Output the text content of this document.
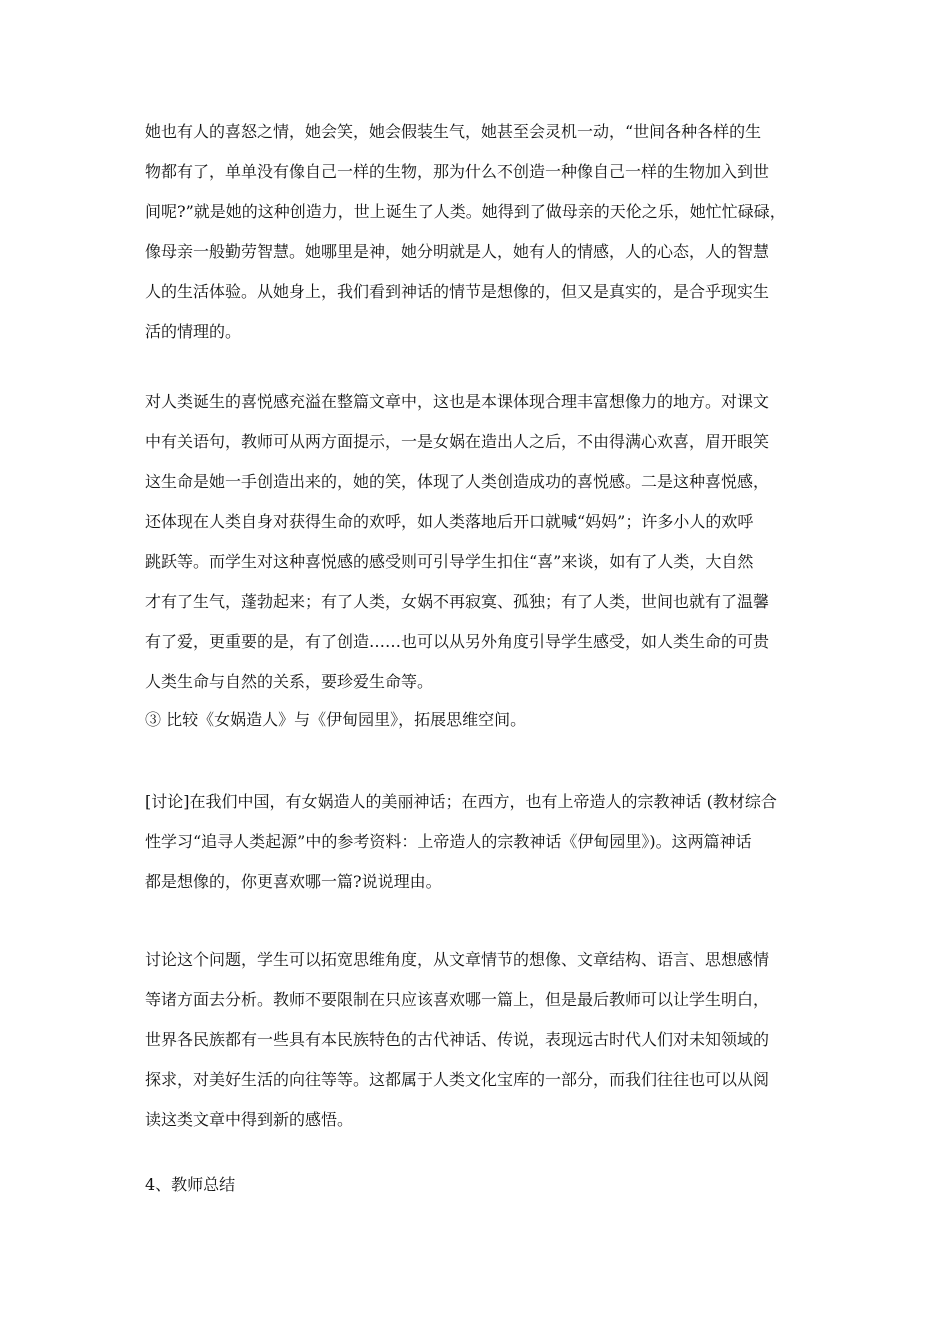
她也有人的喜怒之情，她会笑，她会假装生气，她甚至会灵机一动，“世间各种各样的生
物都有了，单单没有像自己一样的生物，那为什么不创造一种像自己一样的生物加入到世
间呢?”就是她的这种创造力，世上诞生了人类。她得到了做母亲的天伦之乐，她忙忙碌碌，
像母亲一般勤劳智慧。她哪里是神，她分明就是人，她有人的情感，人的心态，人的智慧
人的生活体验。从她身上，我们看到神话的情节是想像的，但又是真实的，是合乎现实生
活的情理的。
对人类诞生的喜悦感充溢在整篇文章中，这也是本课体现合理丰富想像力的地方。对课文
中有关语句，教师可从两方面提示，一是女娲在造出人之后，不由得满心欢喜，眉开眼笑
这生命是她一手创造出来的，她的笑，体现了人类创造成功的喜悦感。二是这种喜悦感，
还体现在人类自身对获得生命的欢呼，如人类落地后开口就喊“妈妈”；许多小人的欢呼
跳跃等。而学生对这种喜悦感的感受则可引导学生扣住“喜”来谈，如有了人类，大自然
才有了生气，蓬勃起来；有了人类，女娲不再寂寞、孤独；有了人类，世间也就有了温馨
有了爱，更重要的是，有了创造……也可以从另外角度引导学生感受，如人类生命的可贵
人类生命与自然的关系，要珍爱生命等。
③ 比较《女娲造人》与《伊甸园里》，拓展思维空间。
[讨论]在我们中国，有女娲造人的美丽神话；在西方，也有上帝造人的宗教神话 (教材综合
性学习“追寻人类起源”中的参考资料：上帝造人的宗教神话《伊甸园里》)。这两篇神话
都是想像的，你更喜欢哪一篇?说说理由。
讨论这个问题，学生可以拓宽思维角度，从文章情节的想像、文章结构、语言、思想感情
等诸方面去分析。教师不要限制在只应该喜欢哪一篇上，但是最后教师可以让学生明白，
世界各民族都有一些具有本民族特色的古代神话、传说，表现远古时代人们对未知领域的
探求，对美好生活的向往等等。这都属于人类文化宝库的一部分，而我们往往也可以从阅
读这类文章中得到新的感悟。
4、教师总结
